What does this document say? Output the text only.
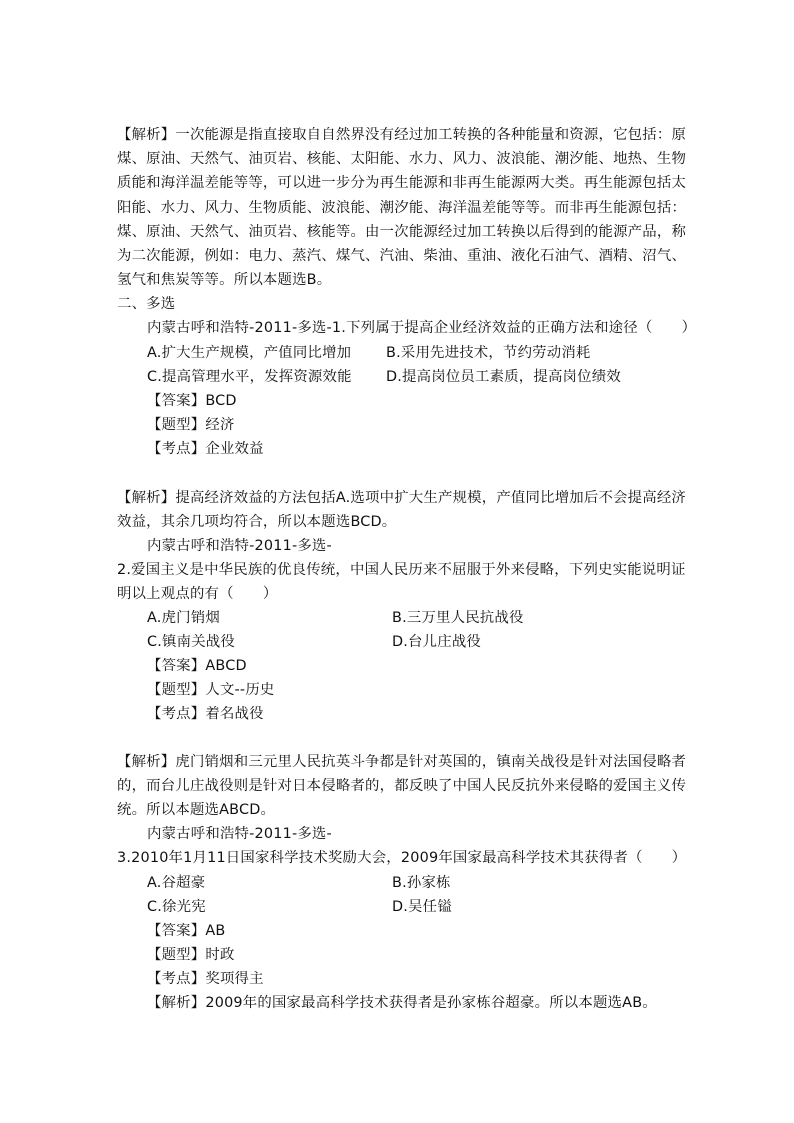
【解析】一次能源是指直接取自自然界没有经过加工转换的各种能量和资源，它包括：原
煤、原油、天然气、油页岩、核能、太阳能、水力、风力、波浪能、潮汐能、地热、生物
质能和海洋温差能等等，可以进一步分为再生能源和非再生能源两大类。再生能源包括太
阳能、水力、风力、生物质能、波浪能、潮汐能、海洋温差能等等。而非再生能源包括：
煤、原油、天然气、油页岩、核能等。由一次能源经过加工转换以后得到的能源产品，称
为二次能源，例如：电力、蒸汽、煤气、汽油、柴油、重油、液化石油气、酒精、沼气、
氢气和焦炭等等。所以本题选B。
二、多选
内蒙古呼和浩特-2011-多选-1.下列属于提高企业经济效益的正确方法和途径（　　）
A.扩大生产规模，产值同比增加 B.采用先进技术，节约劳动消耗
C.提高管理水平，发挥资源效能 D.提高岗位员工素质，提高岗位绩效
【答案】BCD
【题型】经济
【考点】企业效益
【解析】提高经济效益的方法包括A.选项中扩大生产规模，产值同比增加后不会提高经济
效益，其余几项均符合，所以本题选BCD。
内蒙古呼和浩特-2011-多选-
2.爱国主义是中华民族的优良传统，中国人民历来不屈服于外来侵略，下列史实能说明证
明以上观点的有（　　）
A.虎门销烟	B.三万里人民抗战役
C.镇南关战役	D.台儿庄战役
【答案】ABCD
【题型】人文--历史
【考点】着名战役
【解析】虎门销烟和三元里人民抗英斗争都是针对英国的，镇南关战役是针对法国侵略者
的，而台儿庄战役则是针对日本侵略者的，都反映了中国人民反抗外来侵略的爱国主义传
统。所以本题选ABCD。
内蒙古呼和浩特-2011-多选-
3.2010年1月11日国家科学技术奖励大会，2009年国家最高科学技术其获得者（　　）
A.谷超豪	B.孙家栋
C.徐光宪	D.吴任镒
【答案】AB
【题型】时政
【考点】奖项得主
【解析】2009年的国家最高科学技术获得者是孙家栋谷超豪。所以本题选AB。
